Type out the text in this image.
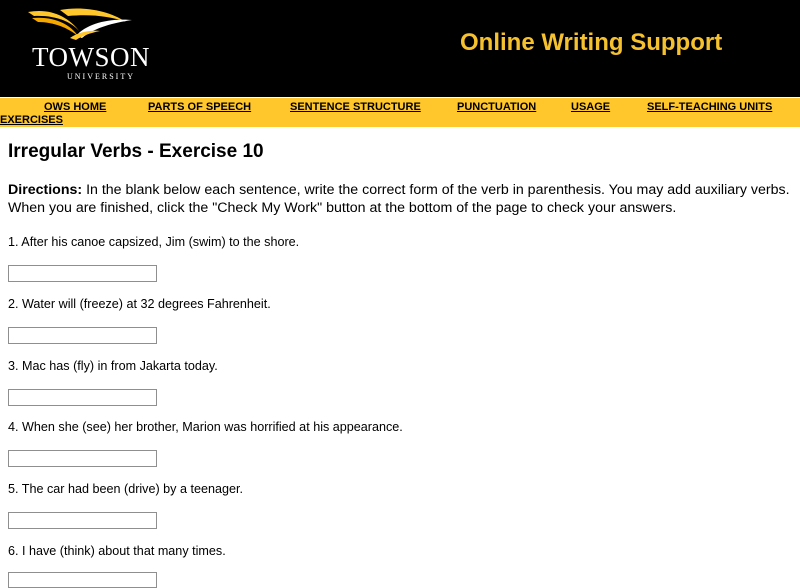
TOWSON
UNIVERSITY
Online Writing Support
OWS HOME	PARTS OF SPEECH	SENTENCE STRUCTURE	PUNCTUATION	USAGE	SELF-TEACHING UNITS
EXERCISES
Irregular Verbs - Exercise 10
Directions: In the blank below each sentence, write the correct form of the verb in parenthesis. You may add auxiliary verbs. When you are finished, click the "Check My Work" button at the bottom of the page to check your answers.
1. After his canoe capsized, Jim (swim) to the shore.
2. Water will (freeze) at 32 degrees Fahrenheit.
3. Mac has (fly) in from Jakarta today.
4. When she (see) her brother, Marion was horrified at his appearance.
5. The car had been (drive) by a teenager.
6. I have (think) about that many times.
